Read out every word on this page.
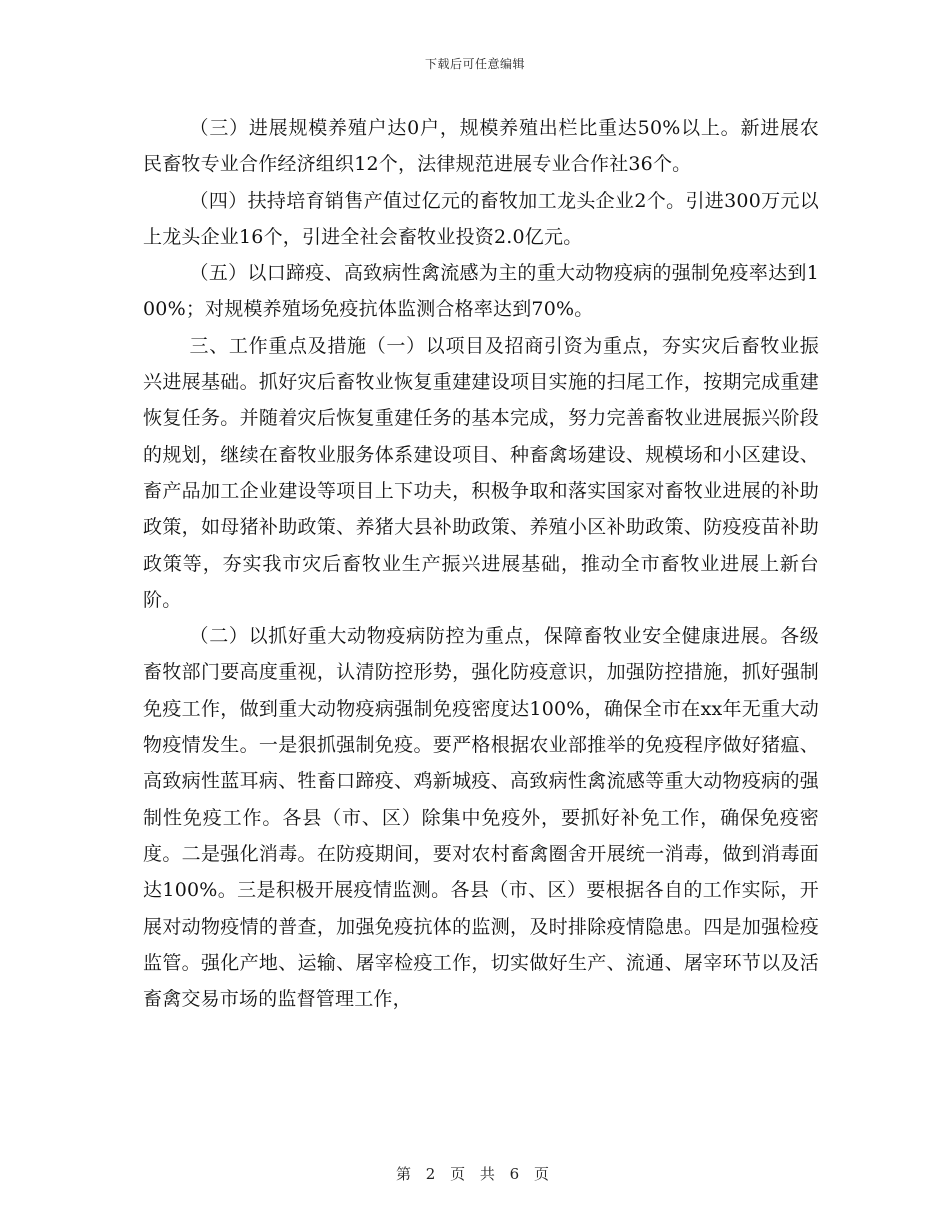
下载后可任意编辑

（三）进展规模养殖户达0户，规模养殖出栏比重达50%以上。新进展农民畜牧专业合作经济组织12个，法律规范进展专业合作社36个。

（四）扶持培育销售产值过亿元的畜牧加工龙头企业2个。引进300万元以上龙头企业16个，引进全社会畜牧业投资2.0亿元。

（五）以口蹄疫、高致病性禽流感为主的重大动物疫病的强制免疫率达到100%；对规模养殖场免疫抗体监测合格率达到70%。

三、工作重点及措施（一）以项目及招商引资为重点，夯实灾后畜牧业振兴进展基础。抓好灾后畜牧业恢复重建建设项目实施的扫尾工作，按期完成重建恢复任务。并随着灾后恢复重建任务的基本完成，努力完善畜牧业进展振兴阶段的规划，继续在畜牧业服务体系建设项目、种畜禽场建设、规模场和小区建设、畜产品加工企业建设等项目上下功夫，积极争取和落实国家对畜牧业进展的补助政策，如母猪补助政策、养猪大县补助政策、养殖小区补助政策、防疫疫苗补助政策等，夯实我市灾后畜牧业生产振兴进展基础，推动全市畜牧业进展上新台阶。

（二）以抓好重大动物疫病防控为重点，保障畜牧业安全健康进展。各级畜牧部门要高度重视，认清防控形势，强化防疫意识，加强防控措施，抓好强制免疫工作，做到重大动物疫病强制免疫密度达100%，确保全市在xx年无重大动物疫情发生。一是狠抓强制免疫。要严格根据农业部推举的免疫程序做好猪瘟、高致病性蓝耳病、牲畜口蹄疫、鸡新城疫、高致病性禽流感等重大动物疫病的强制性免疫工作。各县（市、区）除集中免疫外，要抓好补免工作，确保免疫密度。二是强化消毒。在防疫期间，要对农村畜禽圈舍开展统一消毒，做到消毒面达100%。三是积极开展疫情监测。各县（市、区）要根据各自的工作实际，开展对动物疫情的普查，加强免疫抗体的监测，及时排除疫情隐患。四是加强检疫监管。强化产地、运输、屠宰检疫工作，切实做好生产、流通、屠宰环节以及活畜禽交易市场的监督管理工作，

第 2 页 共 6 页
